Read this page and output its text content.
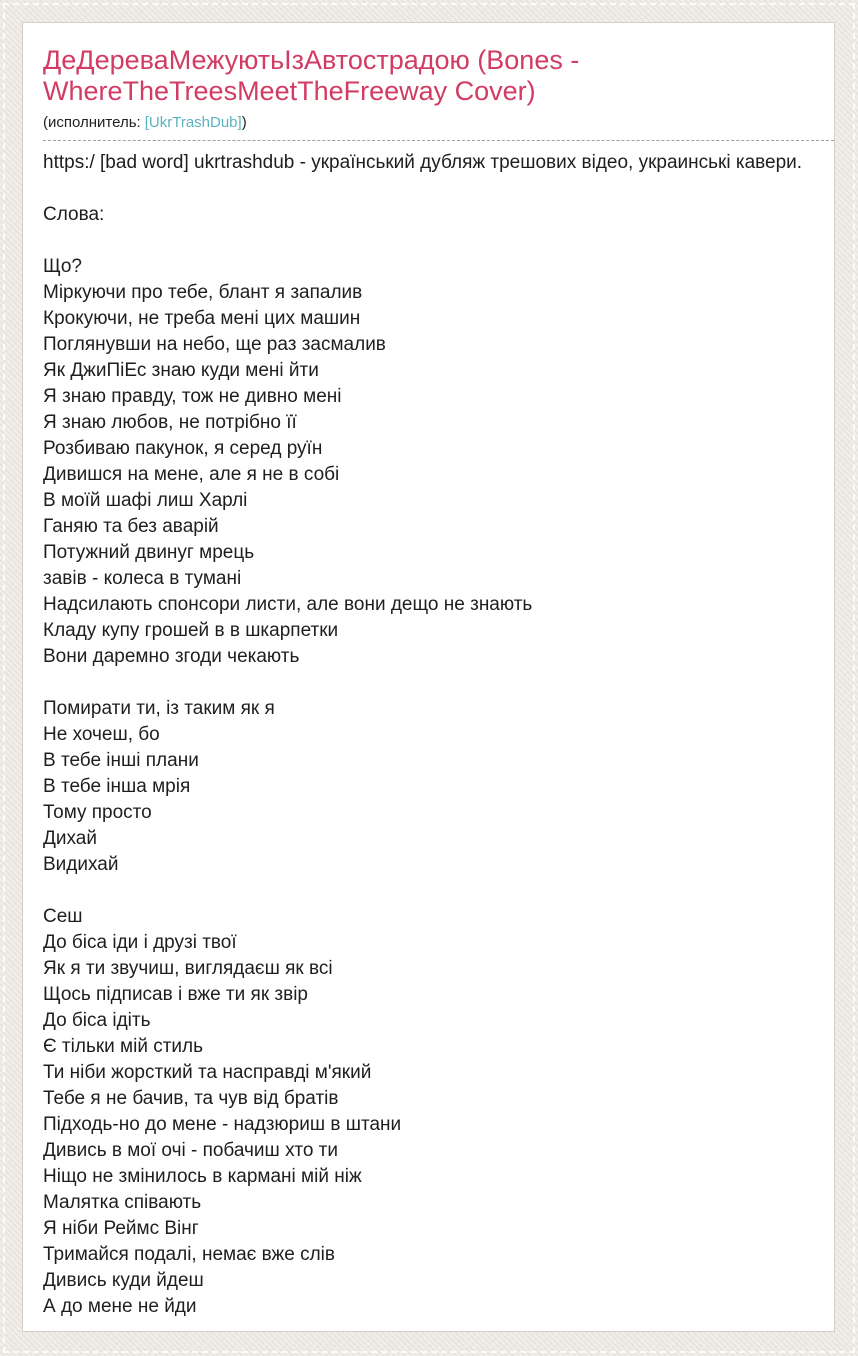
ДеДереваМежуютьІзАвтострадою (Bones - WhereTheTreesMeetTheFreeway Cover)
(исполнитель: [UkrTrashDub])
https:/ [bad word] ukrtrashdub - український дубляж трешових відео, украинські кавери.
Слова:
Що?
Міркуючи про тебе, блант я запалив
Крокуючи, не треба мені цих машин
Поглянувши на небо, ще раз засмалив
Як ДжиПіЕс знаю куди мені йти
Я знаю правду, тож не дивно мені
Я знаю любов, не потрібно її
Розбиваю пакунок, я серед руїн
Дивишся на мене, але я не в собі
В моїй шафі лиш Харлі
Ганяю та без аварій
Потужний двинуг мрець
завів - колеса в тумані
Надсилають спонсори листи, але вони дещо не знають
Кладу купу грошей в в шкарпетки
Вони даремно згоди чекають
Помирати ти, із таким як я
Не хочеш, бо
В тебе інші плани
В тебе інша мрія
Тому просто
Дихай
Видихай
Сеш
До біса іди і друзі твої
Як я ти звучиш, виглядаєш як всі
Щось підписав і вже ти як звір
До біса ідіть
Є тільки мій стиль
Ти ніби жорсткий та насправді м'який
Тебе я не бачив, та чув від братів
Підходь-но до мене - надзюриш в штани
Дивись в мої очі - побачиш хто ти
Ніщо не змінилось в кармані мій ніж
Малятка співають
Я ніби Реймс Вінг
Тримайся подалі, немає вже слів
Дивись куди йдеш
А до мене не йди
